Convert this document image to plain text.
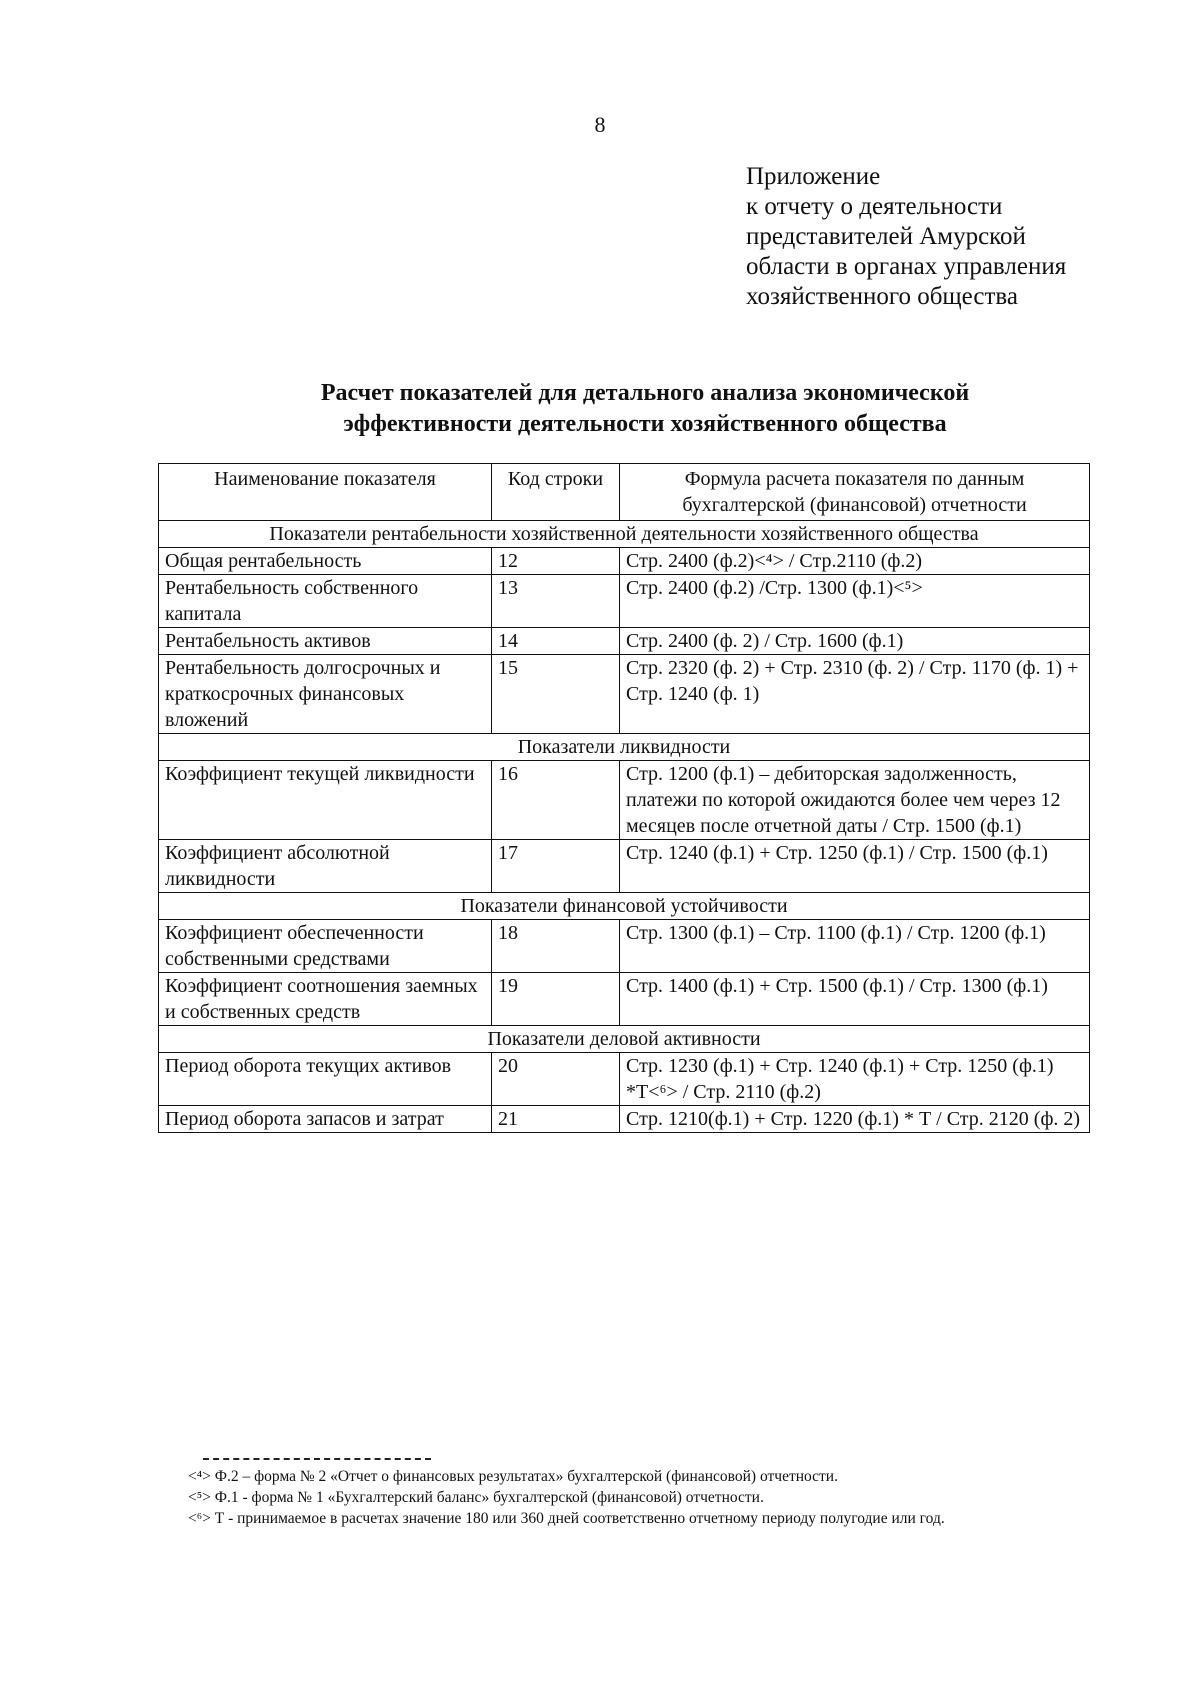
8
Приложение
к отчету о деятельности
представителей Амурской
области в органах управления
хозяйственного общества
Расчет показателей для детального анализа экономической
эффективности деятельности хозяйственного общества
Наименование показателя	Код строки	Формула расчета показателя по данным бухгалтерской (финансовой) отчетности
Показатели рентабельности хозяйственной деятельности хозяйственного общества		
Общая рентабельность	12	Стр. 2400 (ф.2)<⁴> / Стр.2110 (ф.2)
Рентабельность собственного капитала	13	Стр. 2400 (ф.2) /Стр. 1300 (ф.1)<⁵>
Рентабельность активов	14	Стр. 2400 (ф. 2) / Стр. 1600 (ф.1)
Рентабельность долгосрочных и краткосрочных финансовых вложений	15	Стр. 2320 (ф. 2) + Стр. 2310 (ф. 2) / Стр. 1170 (ф. 1) + Стр. 1240 (ф. 1)
Показатели ликвидности		
Коэффициент текущей ликвидности	16	Стр. 1200 (ф.1) – дебиторская задолженность, платежи по которой ожидаются более чем через 12 месяцев после отчетной даты / Стр. 1500 (ф.1)
Коэффициент абсолютной ликвидности	17	Стр. 1240 (ф.1) + Стр. 1250 (ф.1) / Стр. 1500 (ф.1)
Показатели финансовой устойчивости		
Коэффициент обеспеченности собственными средствами	18	Стр. 1300 (ф.1) – Стр. 1100 (ф.1) / Стр. 1200 (ф.1)
Коэффициент соотношения заемных и собственных средств	19	Стр. 1400 (ф.1) + Стр. 1500 (ф.1) / Стр. 1300 (ф.1)
Показатели деловой активности		
Период оборота текущих активов	20	Стр. 1230 (ф.1) + Стр. 1240 (ф.1) + Стр. 1250 (ф.1) *Т<⁶> / Стр. 2110 (ф.2)
Период оборота запасов и затрат	21	Стр. 1210(ф.1) + Стр. 1220 (ф.1) * Т / Стр. 2120 (ф. 2)

<⁴> Ф.2 – форма № 2 «Отчет о финансовых результатах» бухгалтерской (финансовой) отчетности.

<⁵> Ф.1 - форма № 1 «Бухгалтерский баланс» бухгалтерской (финансовой) отчетности.

<⁶> Т - принимаемое в расчетах значение 180 или 360 дней соответственно отчетному периоду полугодие или год.
